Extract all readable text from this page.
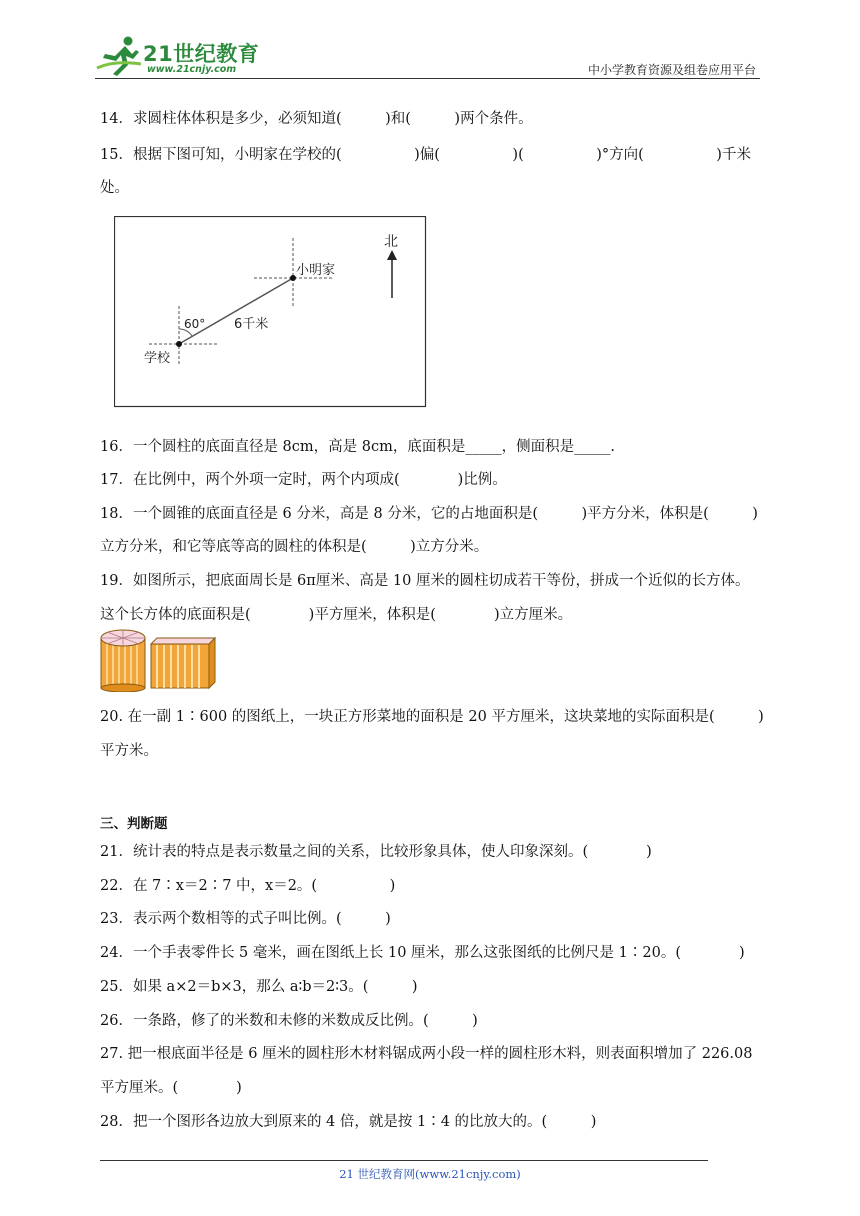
21世纪教育
www.21cnjy.com	中小学教育资源及组卷应用平台
14．求圆柱体体积是多少，必须知道(　　　)和(　　　)两个条件。
15．根据下图可知，小明家在学校的(　　　　　)偏(　　　　　)(　　　　　)°方向(　　　　　)千米
处。
北
小明家
学校
60° 6千米
16．一个圆柱的底面直径是 8cm，高是 8cm，底面积是_____，侧面积是_____.
17．在比例中，两个外项一定时，两个内项成(　　　　)比例。
18．一个圆锥的底面直径是 6 分米，高是 8 分米，它的占地面积是(　　　)平方分米，体积是(　　　)
立方分米，和它等底等高的圆柱的体积是(　　　)立方分米。
19．如图所示，把底面周长是 6π厘米、高是 10 厘米的圆柱切成若干等份，拼成一个近似的长方体。
这个长方体的底面积是(　　　　)平方厘米，体积是(　　　　)立方厘米。
20. 在一副 1∶600 的图纸上，一块正方形菜地的面积是 20 平方厘米，这块菜地的实际面积是(　　　)
平方米。
三、判断题
21．统计表的特点是表示数量之间的关系，比较形象具体，使人印象深刻。(　　　　)
22．在 7∶x＝2∶7 中，x＝2。(　　　　　)
23．表示两个数相等的式子叫比例。(　　　)
24．一个手表零件长 5 毫米，画在图纸上长 10 厘米，那么这张图纸的比例尺是 1∶20。(　　　　)
25．如果 a×2＝b×3，那么 a∶b＝2∶3。(　　　)
26．一条路，修了的米数和未修的米数成反比例。(　　　)
27. 把一根底面半径是 6 厘米的圆柱形木材料锯成两小段一样的圆柱形木料，则表面积增加了 226.08
平方厘米。(　　　　)
28．把一个图形各边放大到原来的 4 倍，就是按 1∶4 的比放大的。(　　　)
21 世纪教育网(www.21cnjy.com)
